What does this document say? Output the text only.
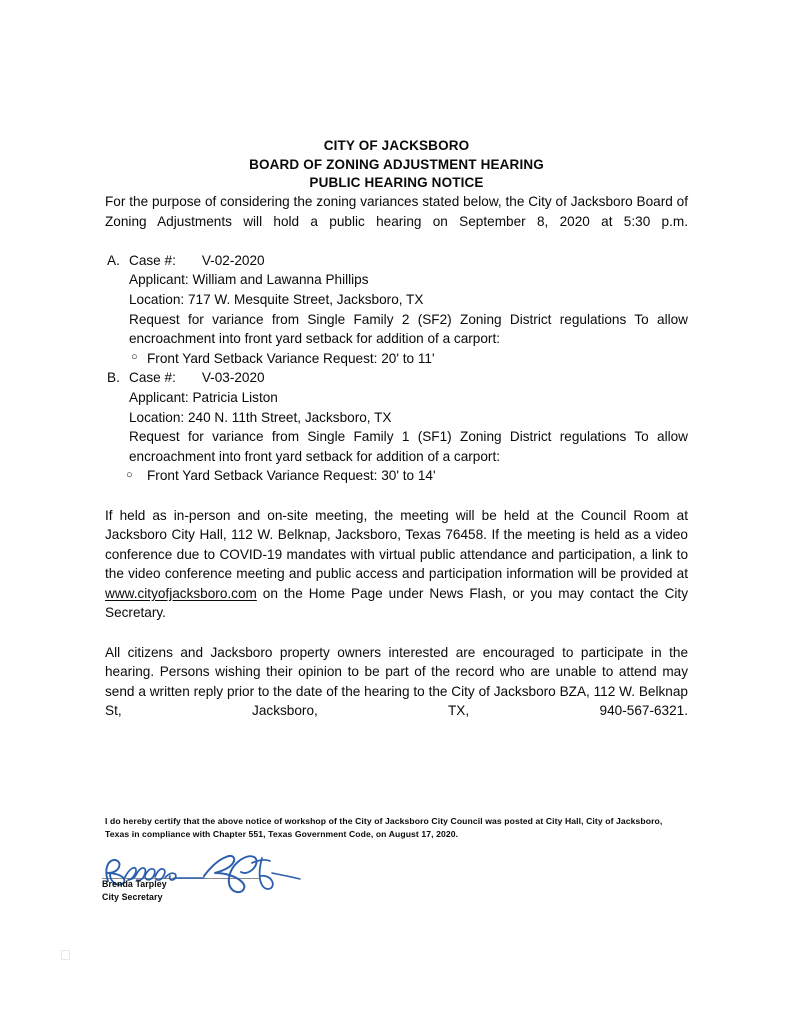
CITY OF JACKSBORO
BOARD OF ZONING ADJUSTMENT HEARING
PUBLIC HEARING NOTICE
For the purpose of considering the zoning variances stated below, the City of Jacksboro Board of Zoning Adjustments will hold a public hearing on September 8, 2020 at 5:30 p.m.
A. Case #: V-02-2020
Applicant: William and Lawanna Phillips
Location: 717 W. Mesquite Street, Jacksboro, TX
Request for variance from Single Family 2 (SF2) Zoning District regulations To allow encroachment into front yard setback for addition of a carport:
○ Front Yard Setback Variance Request: 20' to 11'
B. Case #: V-03-2020
Applicant: Patricia Liston
Location: 240 N. 11th Street, Jacksboro, TX
Request for variance from Single Family 1 (SF1) Zoning District regulations To allow encroachment into front yard setback for addition of a carport:
○ Front Yard Setback Variance Request: 30' to 14'
If held as in-person and on-site meeting, the meeting will be held at the Council Room at Jacksboro City Hall, 112 W. Belknap, Jacksboro, Texas 76458. If the meeting is held as a video conference due to COVID-19 mandates with virtual public attendance and participation, a link to the video conference meeting and public access and participation information will be provided at www.cityofjacksboro.com on the Home Page under News Flash, or you may contact the City Secretary.
All citizens and Jacksboro property owners interested are encouraged to participate in the hearing. Persons wishing their opinion to be part of the record who are unable to attend may send a written reply prior to the date of the hearing to the City of Jacksboro BZA, 112 W. Belknap St, Jacksboro, TX, 940-567-6321.
I do hereby certify that the above notice of workshop of the City of Jacksboro City Council was posted at City Hall, City of Jacksboro, Texas in compliance with Chapter 551, Texas Government Code, on August 17, 2020.
Brenda Tarpley
City Secretary
